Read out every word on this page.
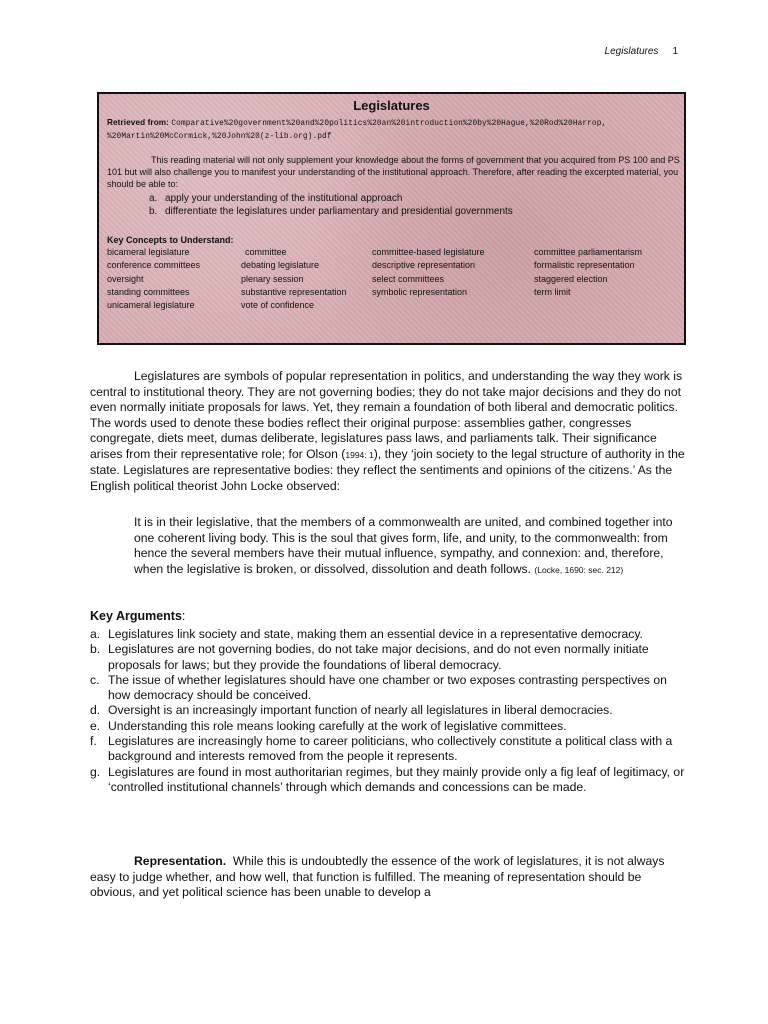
Legislatures 1
Legislatures
Retrieved from: Comparative%20government%20and%20politics%20an%20introduction%20by%20Hague,%20Rod%20Harrop, %20Martin%20McCormick,%20John%20(z-lib.org).pdf
This reading material will not only supplement your knowledge about the forms of government that you acquired from PS 100 and PS 101 but will also challenge you to manifest your understanding of the institutional approach. Therefore, after reading the excerpted material, you should be able to:
a. apply your understanding of the institutional approach
b. differentiate the legislatures under parliamentary and presidential governments
Key Concepts to Understand:
bicameral legislature	committee	committee-based legislature	committee parliamentarism
conference committees	debating legislature	descriptive representation	formalistic representation
oversight	plenary session	select committees	staggered election
standing committees	substantive representation	symbolic representation	term limit
unicameral legislature	vote of confidence
Legislatures are symbols of popular representation in politics, and understanding the way they work is central to institutional theory. They are not governing bodies; they do not take major decisions and they do not even normally initiate proposals for laws. Yet, they remain a foundation of both liberal and democratic politics. The words used to denote these bodies reflect their original purpose: assemblies gather, congresses congregate, diets meet, dumas deliberate, legislatures pass laws, and parliaments talk. Their significance arises from their representative role; for Olson (1994: 1), they ‘join society to the legal structure of authority in the state. Legislatures are representative bodies: they reflect the sentiments and opinions of the citizens.’ As the English political theorist John Locke observed:
It is in their legislative, that the members of a commonwealth are united, and combined together into one coherent living body. This is the soul that gives form, life, and unity, to the commonwealth: from hence the several members have their mutual influence, sympathy, and connexion: and, therefore, when the legislative is broken, or dissolved, dissolution and death follows. (Locke, 1690: sec. 212)
Key Arguments:
a. Legislatures link society and state, making them an essential device in a representative democracy.
b. Legislatures are not governing bodies, do not take major decisions, and do not even normally initiate proposals for laws; but they provide the foundations of liberal democracy.
c. The issue of whether legislatures should have one chamber or two exposes contrasting perspectives on how democracy should be conceived.
d. Oversight is an increasingly important function of nearly all legislatures in liberal democracies.
e. Understanding this role means looking carefully at the work of legislative committees.
f. Legislatures are increasingly home to career politicians, who collectively constitute a political class with a background and interests removed from the people it represents.
g. Legislatures are found in most authoritarian regimes, but they mainly provide only a fig leaf of legitimacy, or ‘controlled institutional channels’ through which demands and concessions can be made.
Representation. While this is undoubtedly the essence of the work of legislatures, it is not always easy to judge whether, and how well, that function is fulfilled. The meaning of representation should be obvious, and yet political science has been unable to develop a
